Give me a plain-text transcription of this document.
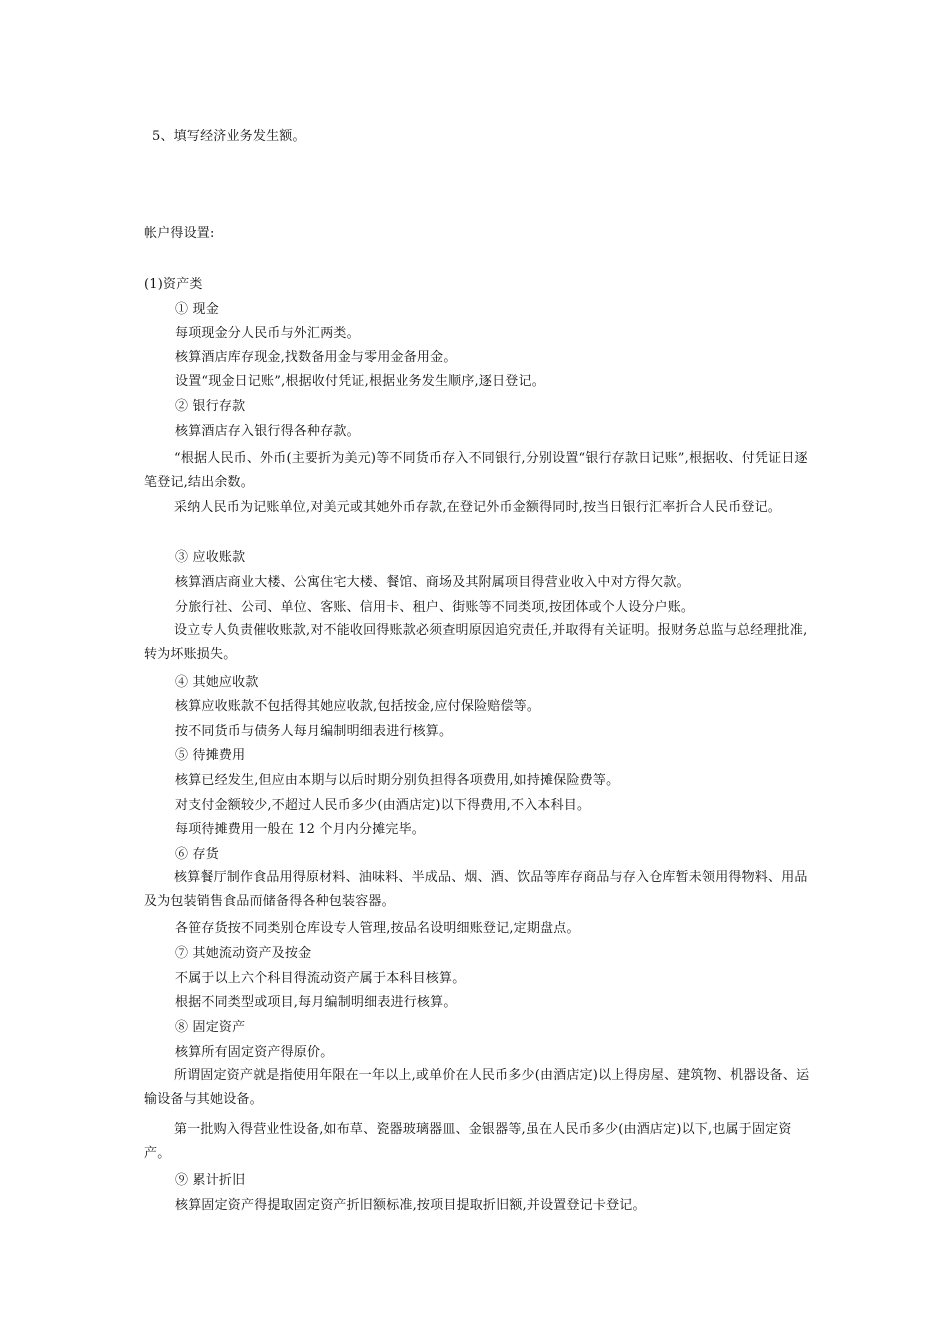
5、填写经济业务发生额。
帐户得设置:
(1)资产类
① 现金
每项现金分人民币与外汇两类。
核算酒店库存现金,找数备用金与零用金备用金。
设置“现金日记账”,根据收付凭证,根据业务发生顺序,逐日登记。
② 银行存款
核算酒店存入银行得各种存款。
“根据人民币、外币(主要折为美元)等不同货币存入不同银行,分别设置“银行存款日记账”,根据收、付凭证日逐笔登记,结出余数。
采纳人民币为记账单位,对美元或其她外币存款,在登记外币金额得同时,按当日银行汇率折合人民币登记。
③ 应收账款
核算酒店商业大楼、公寓住宅大楼、餐馆、商场及其附属项目得营业收入中对方得欠款。
分旅行社、公司、单位、客账、信用卡、租户、街账等不同类项,按团体或个人设分户账。
设立专人负责催收账款,对不能收回得账款必须查明原因追究责任,并取得有关证明。报财务总监与总经理批准,转为坏账损失。
④ 其她应收款
核算应收账款不包括得其她应收款,包括按金,应付保险赔偿等。
按不同货币与债务人每月编制明细表进行核算。
⑤ 待摊费用
核算已经发生,但应由本期与以后时期分别负担得各项费用,如持摊保险费等。
对支付金额较少,不超过人民币多少(由酒店定)以下得费用,不入本科目。
每项待摊费用一般在 12 个月内分摊完毕。
⑥ 存货
核算餐厅制作食品用得原材料、油味料、半成品、烟、酒、饮品等库存商品与存入仓库暂未领用得物料、用品及为包装销售食品而储备得各种包装容器。
各笹存货按不同类别仓库设专人管理,按品名设明细账登记,定期盘点。
⑦ 其她流动资产及按金
不属于以上六个科目得流动资产属于本科目核算。
根据不同类型或项目,每月编制明细表进行核算。
⑧ 固定资产
核算所有固定资产得原价。
所谓固定资产就是指使用年限在一年以上,或单价在人民币多少(由酒店定)以上得房屋、建筑物、机器设备、运输设备与其她设备。
第一批购入得营业性设备,如布草、瓷器玻璃器皿、金银器等,虽在人民币多少(由酒店定)以下,也属于固定资产。
⑨ 累计折旧
核算固定资产得提取固定资产折旧额标准,按项目提取折旧额,并设置登记卡登记。
